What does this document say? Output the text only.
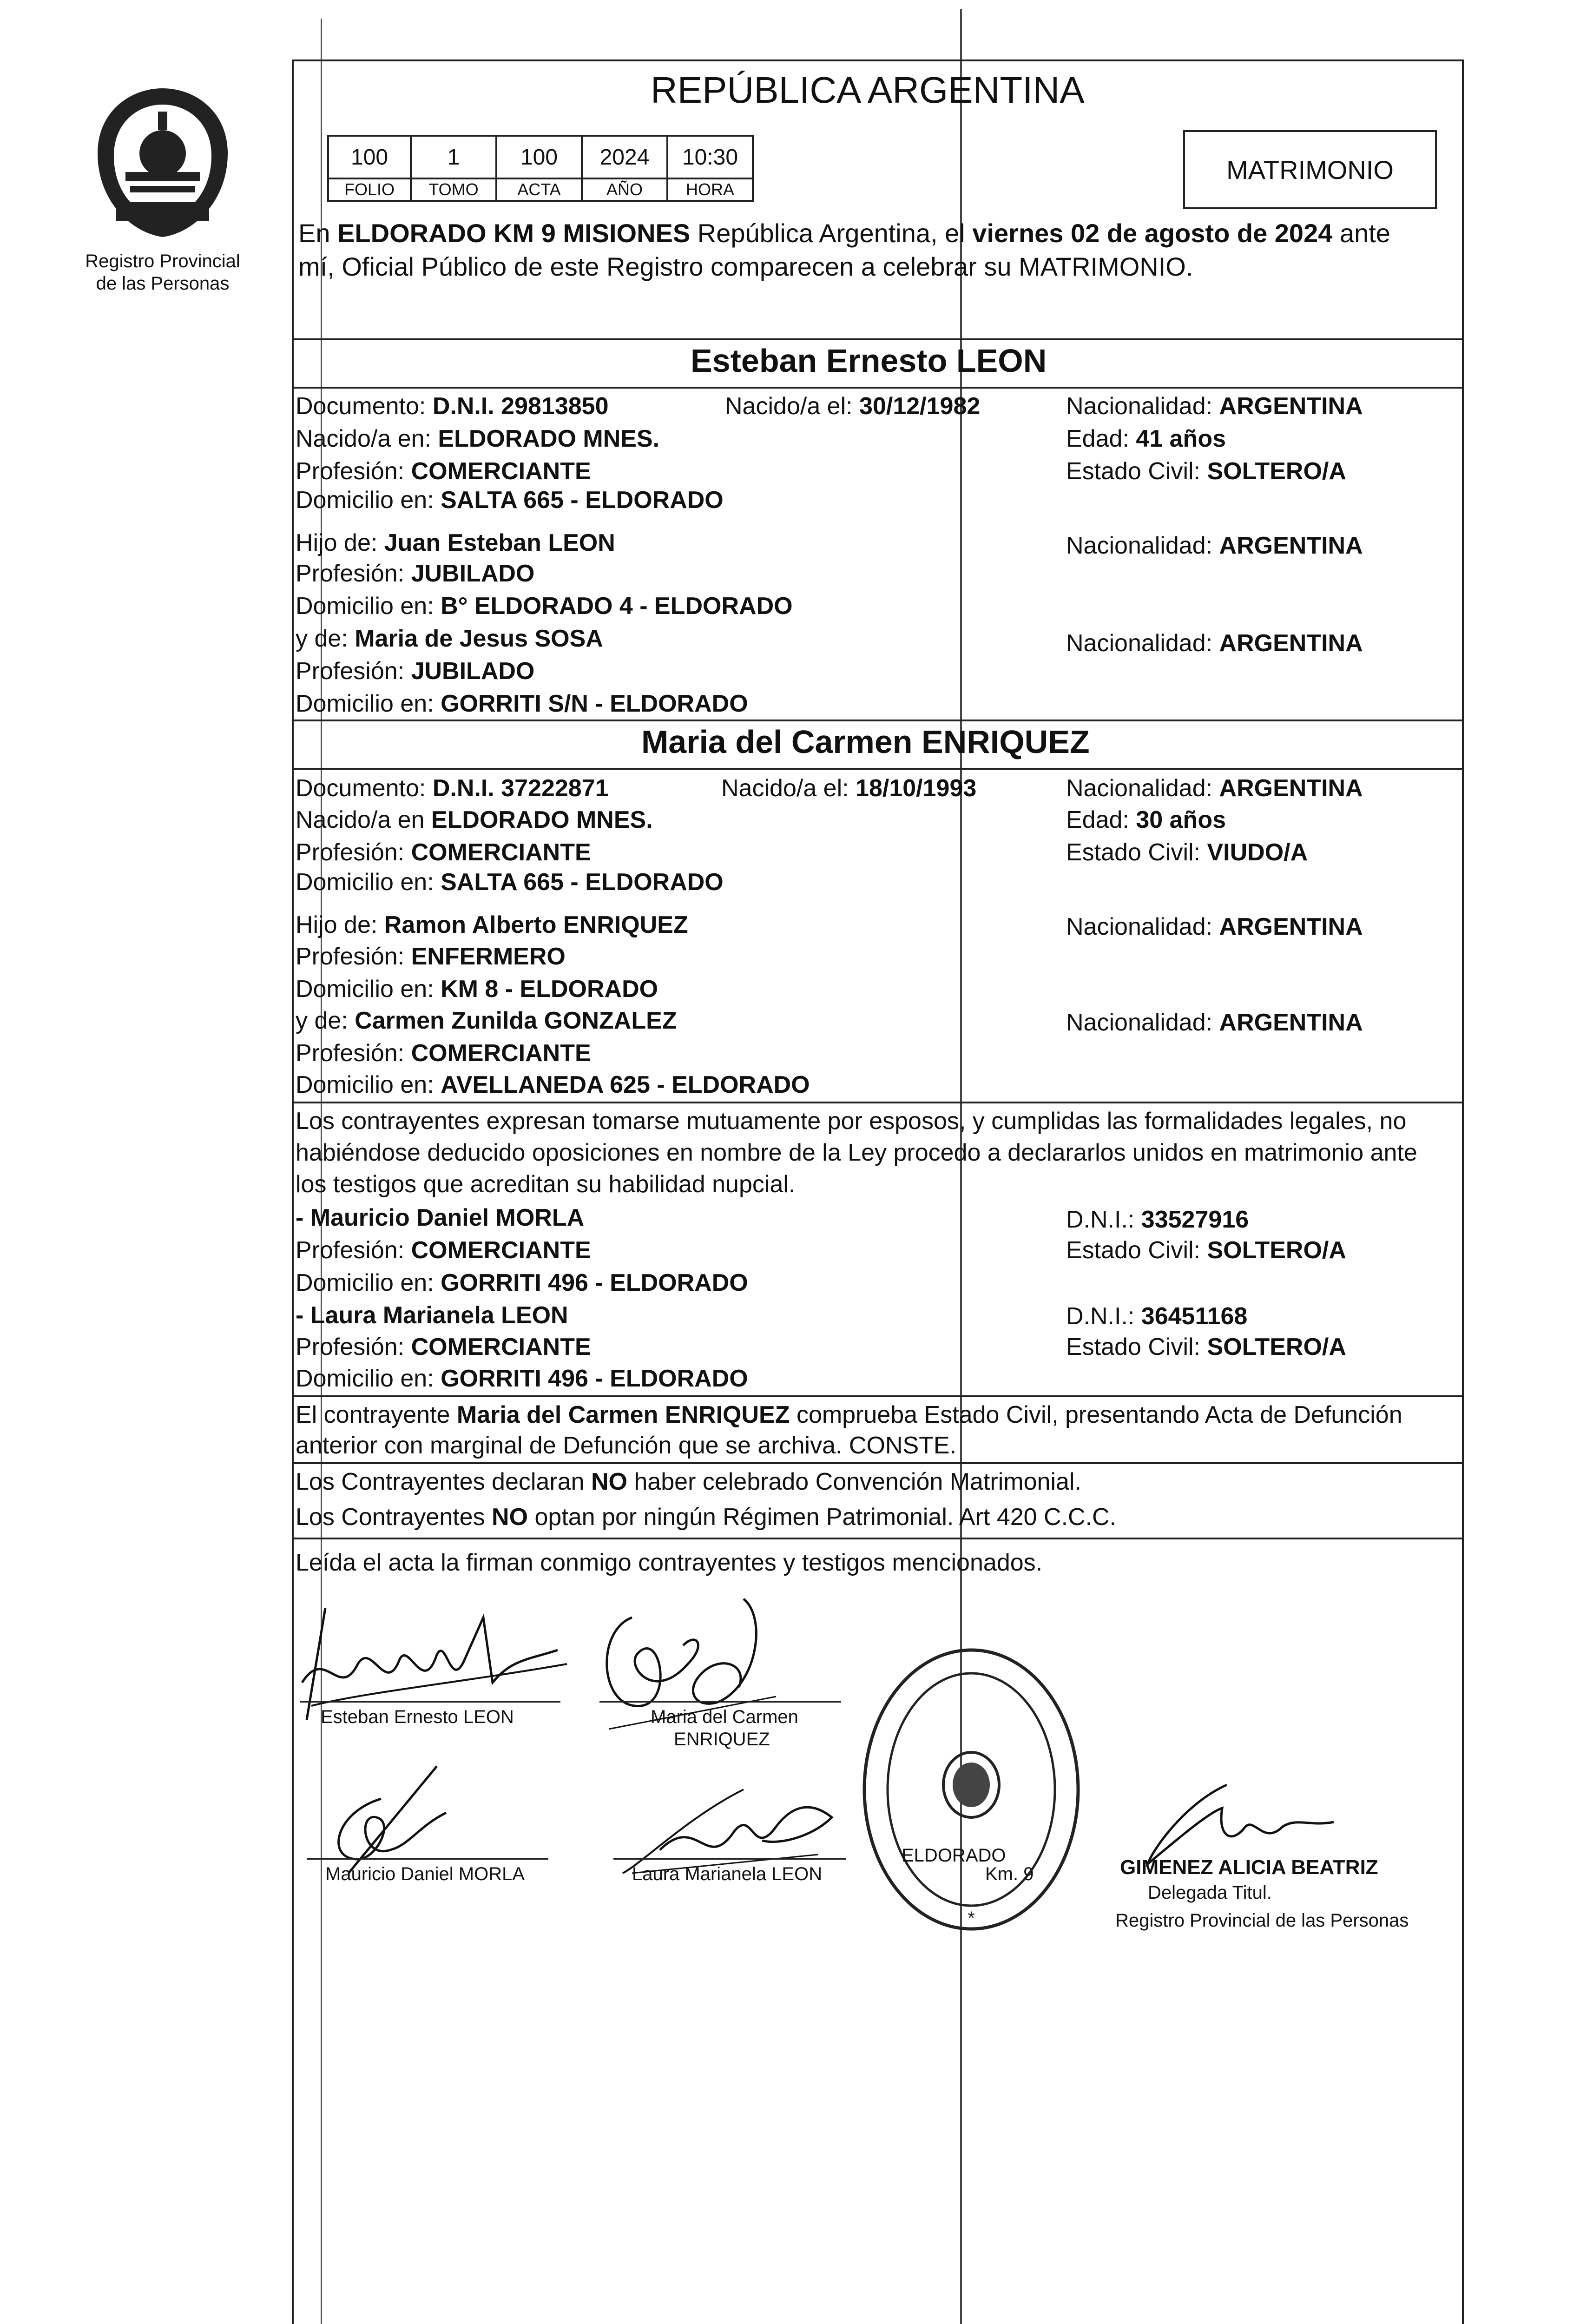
Registro Provincial
de las Personas
REPÚBLICA ARGENTINA
100	1	100	2024	10:30
FOLIO	TOMO	ACTA	AÑO	HORA
MATRIMONIO
En ELDORADO KM 9 MISIONES República Argentina, el viernes 02 de agosto de 2024 ante
mí, Oficial Público de este Registro comparecen a celebrar su MATRIMONIO.
Esteban Ernesto LEON
Documento: D.N.I. 29813850	Nacido/a el: 30/12/1982	Nacionalidad: ARGENTINA
Nacido/a en: ELDORADO MNES.	Edad: 41 años
Profesión: COMERCIANTE	Estado Civil: SOLTERO/A
Domicilio en: SALTA 665 - ELDORADO
Hijo de: Juan Esteban LEON	Nacionalidad: ARGENTINA
Profesión: JUBILADO
Domicilio en: B° ELDORADO 4 - ELDORADO
y de: Maria de Jesus SOSA	Nacionalidad: ARGENTINA
Profesión: JUBILADO
Domicilio en: GORRITI S/N - ELDORADO
Maria del Carmen ENRIQUEZ
Documento: D.N.I. 37222871	Nacido/a el: 18/10/1993	Nacionalidad: ARGENTINA
Nacido/a en ELDORADO MNES.	Edad: 30 años
Profesión: COMERCIANTE	Estado Civil: VIUDO/A
Domicilio en: SALTA 665 - ELDORADO
Hijo de: Ramon Alberto ENRIQUEZ	Nacionalidad: ARGENTINA
Profesión: ENFERMERO
Domicilio en: KM 8 - ELDORADO
y de: Carmen Zunilda GONZALEZ	Nacionalidad: ARGENTINA
Profesión: COMERCIANTE
Domicilio en: AVELLANEDA 625 - ELDORADO
Los contrayentes expresan tomarse mutuamente por esposos, y cumplidas las formalidades legales, no
habiéndose deducido oposiciones en nombre de la Ley procedo a declararlos unidos en matrimonio ante
los testigos que acreditan su habilidad nupcial.
- Mauricio Daniel MORLA	D.N.I.: 33527916
Profesión: COMERCIANTE	Estado Civil: SOLTERO/A
Domicilio en: GORRITI 496 - ELDORADO
- Laura Marianela LEON	D.N.I.: 36451168
Profesión: COMERCIANTE	Estado Civil: SOLTERO/A
Domicilio en: GORRITI 496 - ELDORADO
El contrayente Maria del Carmen ENRIQUEZ comprueba Estado Civil, presentando Acta de Defunción
anterior con marginal de Defunción que se archiva. CONSTE.
Los Contrayentes declaran NO haber celebrado Convención Matrimonial.
Los Contrayentes NO optan por ningún Régimen Patrimonial. Art 420 C.C.C.
Leída el acta la firman conmigo contrayentes y testigos mencionados.
Esteban Ernesto LEON	Maria del Carmen
ENRIQUEZ
Mauricio Daniel MORLA	Laura Marianela LEON
*
ELDORADO
Km. 9	GIMENEZ ALICIA BEATRIZ
Delegada Titul.
Registro Provincial de las Personas
